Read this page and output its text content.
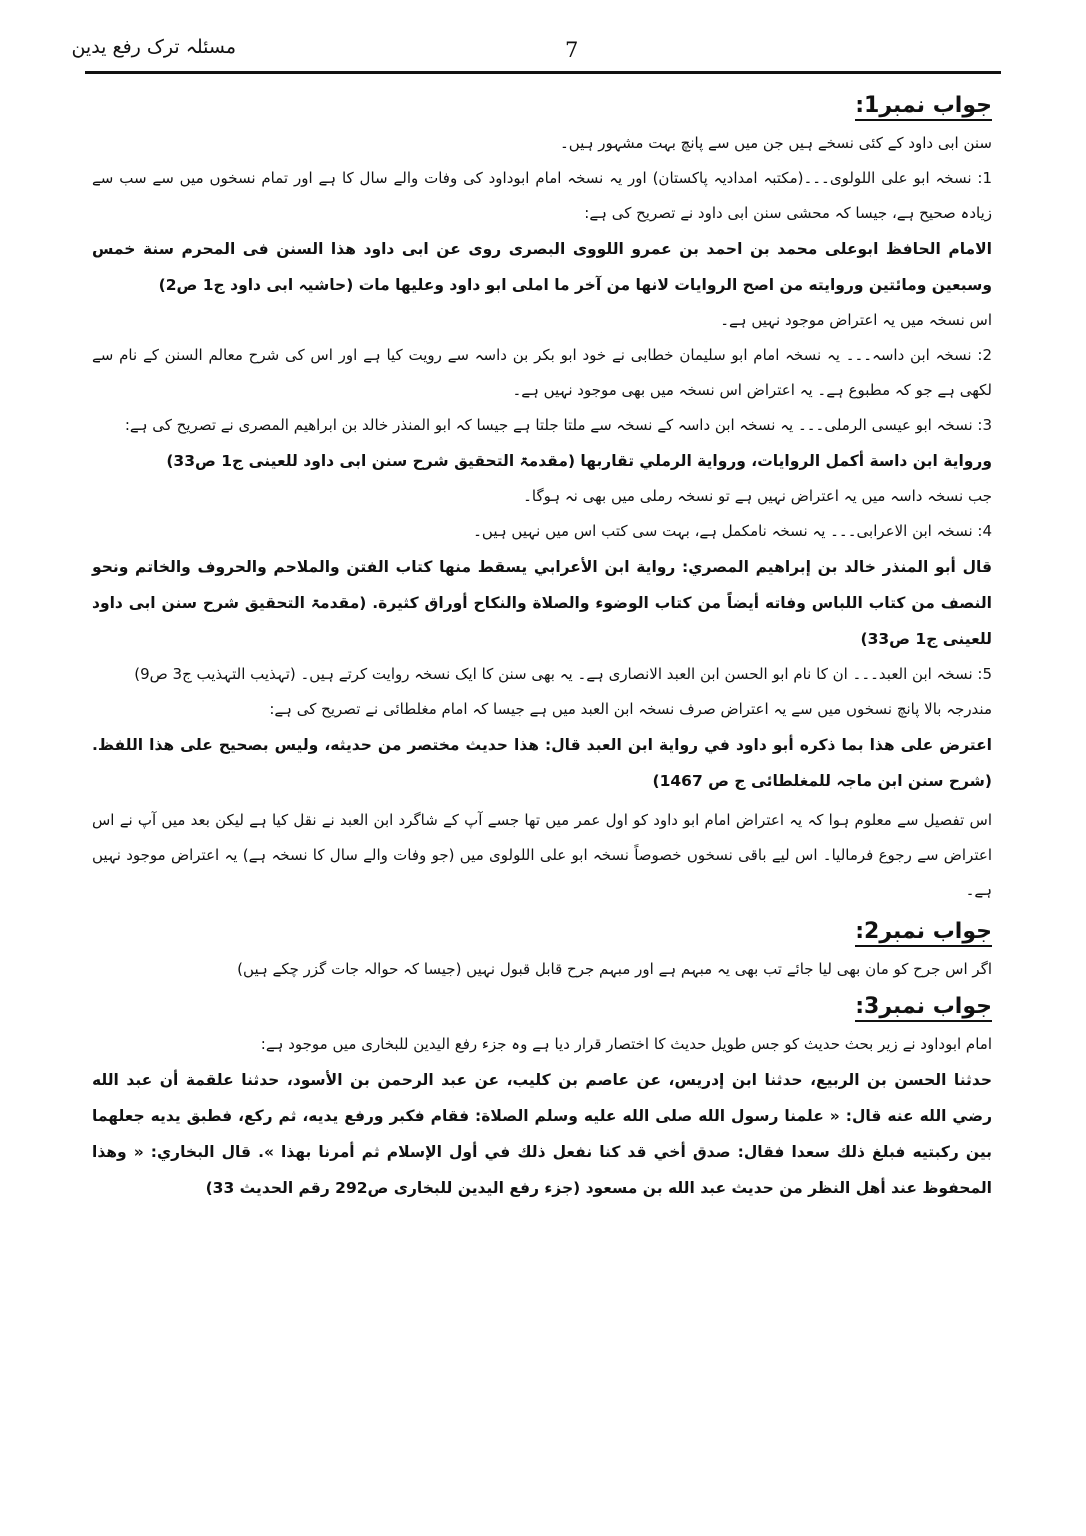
7
مسئلہ ترک رفع یدین
جواب نمبر1:

سنن ابی داود کے کئی نسخے ہیں جن میں سے پانچ بہت مشہور ہیں۔

1: نسخہ ابو علی اللولوی۔۔۔(مکتبہ امدادیہ پاکستان) اور یہ نسخہ امام ابوداود کی وفات والے سال کا ہے اور تمام نسخوں میں سے سب سے زیادہ صحیح ہے، جیسا کہ محشی سنن ابی داود نے تصریح کی ہے:

الامام الحافظ ابوعلی محمد بن احمد بن عمرو اللووی البصری روی عن ابی داود هذا السنن فی المحرم سنة خمس وسبعین ومائتین وروایته من اصح الروایات لانها من آخر ما املی ابو داود وعلیها مات (حاشیہ ابی داود ج1 ص2)

اس نسخہ میں یہ اعتراض موجود نہیں ہے۔

2: نسخہ ابن داسہ۔۔۔ یہ نسخہ امام ابو سلیمان خطابی نے خود ابو بکر بن داسہ سے رویت کیا ہے اور اس کی شرح معالم السنن کے نام سے لکھی ہے جو کہ مطبوع ہے۔ یہ اعتراض اس نسخہ میں بھی موجود نہیں ہے۔

3: نسخہ ابو عیسی الرملی۔۔۔ یہ نسخہ ابن داسہ کے نسخہ سے ملتا جلتا ہے جیسا کہ ابو المنذر خالد بن ابراهیم المصری نے تصریح کی ہے:

ورواية ابن داسة أكمل الروايات، ورواية الرملي تقاربها (مقدمۃ التحقیق شرح سنن ابی داود للعینی ج1 ص33)

جب نسخہ داسہ میں یہ اعتراض نہیں ہے تو نسخہ رملی میں بھی نہ ہوگا۔

4: نسخہ ابن الاعرابی۔۔۔ یہ نسخہ نامکمل ہے، بہت سی کتب اس میں نہیں ہیں۔

قال أبو المنذر خالد بن إبراهيم المصري: رواية ابن الأعرابي يسقط منها كتاب الفتن والملاحم والحروف والخاتم ونحو النصف من كتاب اللباس وفاته أيضاً من كتاب الوضوء والصلاة والنكاح أوراق كثيرة. (مقدمۃ التحقیق شرح سنن ابی داود للعینی ج1 ص33)

5: نسخہ ابن العبد۔۔۔ ان کا نام ابو الحسن ابن العبد الانصاری ہے۔ یہ بھی سنن کا ایک نسخہ روایت کرتے ہیں۔ (تہذیب التہذیب ج3 ص9)

مندرجہ بالا پانچ نسخوں میں سے یہ اعتراض صرف نسخہ ابن العبد میں ہے جیسا کہ امام مغلطائی نے تصریح کی ہے:

اعترض علی هذا بما ذكره أبو داود في رواية ابن العبد قال: هذا حديث مختصر من حديثه، وليس بصحيح على هذا اللفظ. (شرح سنن ابن ماجہ للمغلطائی ج ص 1467)

اس تفصیل سے معلوم ہوا کہ یہ اعتراض امام ابو داود کو اول عمر میں تھا جسے آپ کے شاگرد ابن العبد نے نقل کیا ہے لیکن بعد میں آپ نے اس اعتراض سے رجوع فرمالیا۔ اس لیے باقی نسخوں خصوصاً نسخہ ابو علی اللولوی میں (جو وفات والے سال کا نسخہ ہے) یہ اعتراض موجود نہیں ہے۔

جواب نمبر2:

اگر اس جرح کو مان بھی لیا جائے تب بھی یہ مبہم ہے اور مبہم جرح قابل قبول نہیں (جیسا کہ حوالہ جات گزر چکے ہیں)

جواب نمبر3:

امام ابوداود نے زیر بحث حدیث کو جس طویل حدیث کا اختصار قرار دیا ہے وہ جزء رفع الیدین للبخاری میں موجود ہے:

حدثنا الحسن بن الربيع، حدثنا ابن إدريس، عن عاصم بن كليب، عن عبد الرحمن بن الأسود، حدثنا علقمة أن عبد الله رضي الله عنه قال: « علمنا رسول الله صلى الله عليه وسلم الصلاة: فقام فكبر ورفع يديه، ثم ركع، فطبق يديه جعلهما بين ركبتيه فبلغ ذلك سعدا فقال: صدق أخي قد كنا نفعل ذلك في أول الإسلام ثم أمرنا بهذا ». قال البخاري: « وهذا المحفوظ عند أهل النظر من حديث عبد الله بن مسعود (جزء رفع الیدین للبخاری ص292 رقم الحدیث 33)
